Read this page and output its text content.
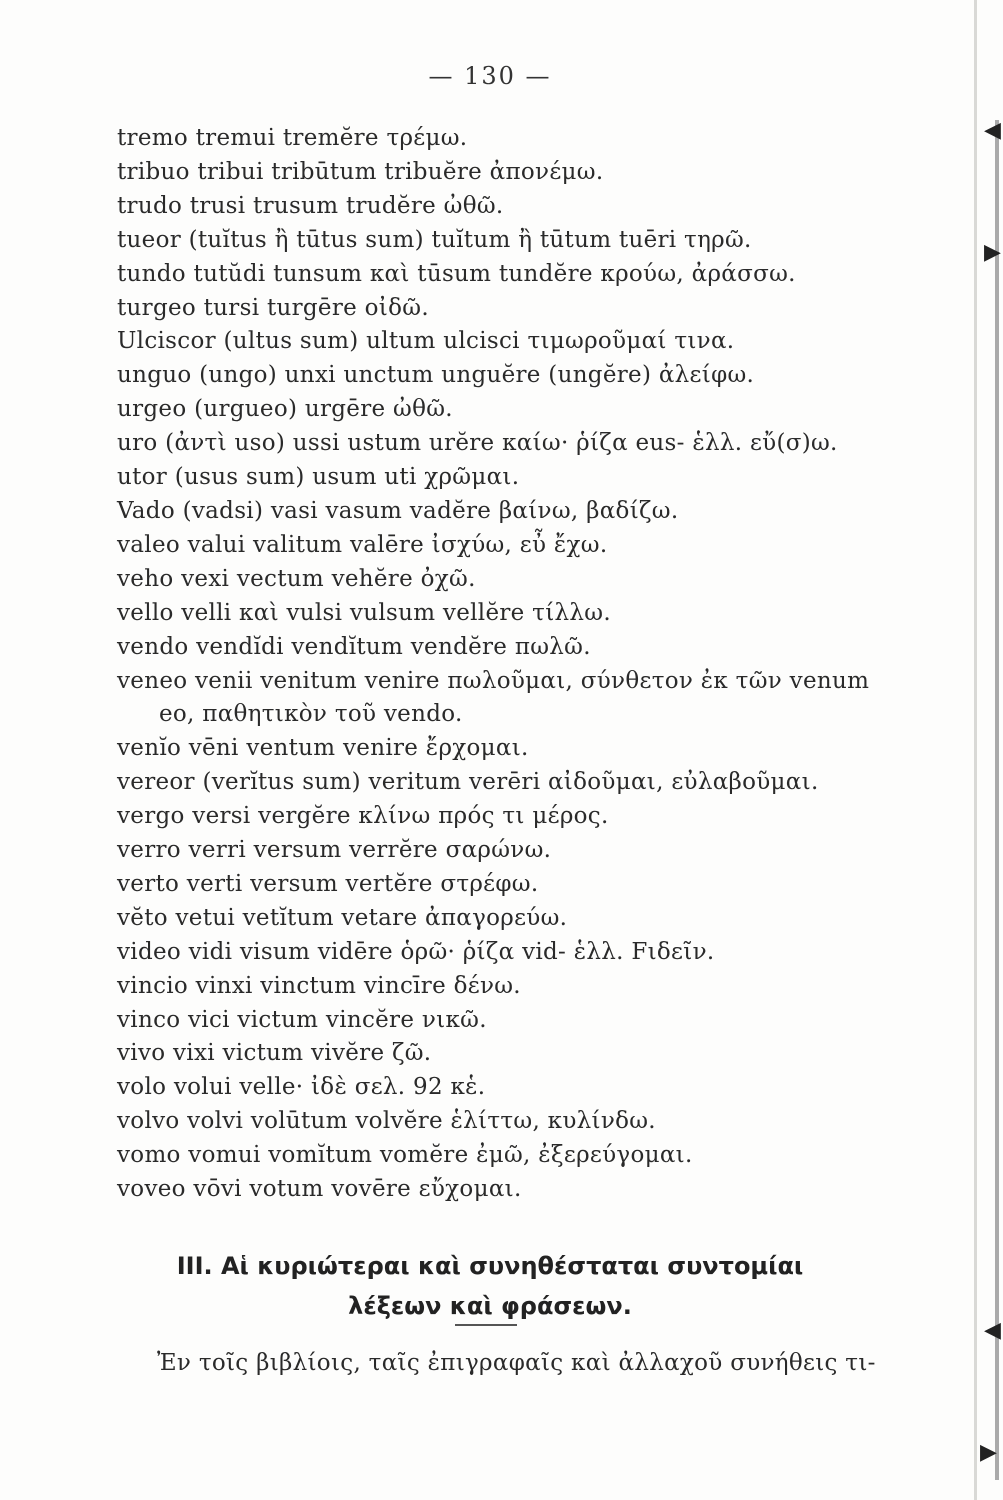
— 130 —
tremo tremui tremĕre τρέμω.
tribuo tribui tribūtum tribuĕre ἀπονέμω.
trudo trusi trusum trudĕre ὠθῶ.
tueor (tuĭtus ἢ tūtus sum) tuĭtum ἢ tūtum tuēri τηρῶ.
tundo tutŭdi tunsum καὶ tūsum tundĕre κρούω, ἀράσσω.
turgeo tursi turgēre οἰδῶ.
Ulciscor (ultus sum) ultum ulcisci τιμωροῦμαί τινα.
unguo (ungo) unxi unctum unguĕre (ungĕre) ἀλείφω.
urgeo (urgueo) urgēre ὠθῶ.
uro (ἀντὶ uso) ussi ustum urĕre καίω· ῥίζα eus- ἑλλ. εὔ(σ)ω.
utor (usus sum) usum uti χρῶμαι.
Vado (vadsi) vasi vasum vadĕre βαίνω, βαδίζω.
valeo valui valitum valēre ἰσχύω, εὖ ἔχω.
veho vexi vectum vehĕre ὀχῶ.
vello velli καὶ vulsi vulsum vellĕre τίλλω.
vendo vendĭdi vendĭtum vendĕre πωλῶ.
veneo venii venitum venire πωλοῦμαι, σύνθετον ἐκ τῶν venum
eo, παθητικὸν τοῦ vendo.
venĭo vēni ventum venire ἔρχομαι.
vereor (verĭtus sum) veritum verēri αἰδοῦμαι, εὐλαβοῦμαι.
vergo versi vergĕre κλίνω πρός τι μέρος.
verro verri versum verrĕre σαρώνω.
verto verti versum vertĕre στρέφω.
vĕto vetui vetĭtum vetare ἀπαγορεύω.
video vidi visum vidēre ὁρῶ· ῥίζα vid- ἑλλ. Fιδεῖν.
vincio vinxi vinctum vincīre δένω.
vinco vici victum vincĕre νικῶ.
vivo vixi victum vivĕre ζῶ.
volo volui velle· ἰδὲ σελ. 92 κἑ.
volvo volvi volūtum volvĕre ἑλίττω, κυλίνδω.
vomo vomui vomĭtum vomĕre ἐμῶ, ἐξερεύγομαι.
voveo vōvi votum vovēre εὔχομαι.
III. Αἱ κυριώτεραι καὶ συνηθέσταται συντομίαι
λέξεων καὶ φράσεων.
Ἐν τοῖς βιβλίοις, ταῖς ἐπιγραφαῖς καὶ ἀλλαχοῦ συνήθεις τι-
◀
▶
◀
▶
